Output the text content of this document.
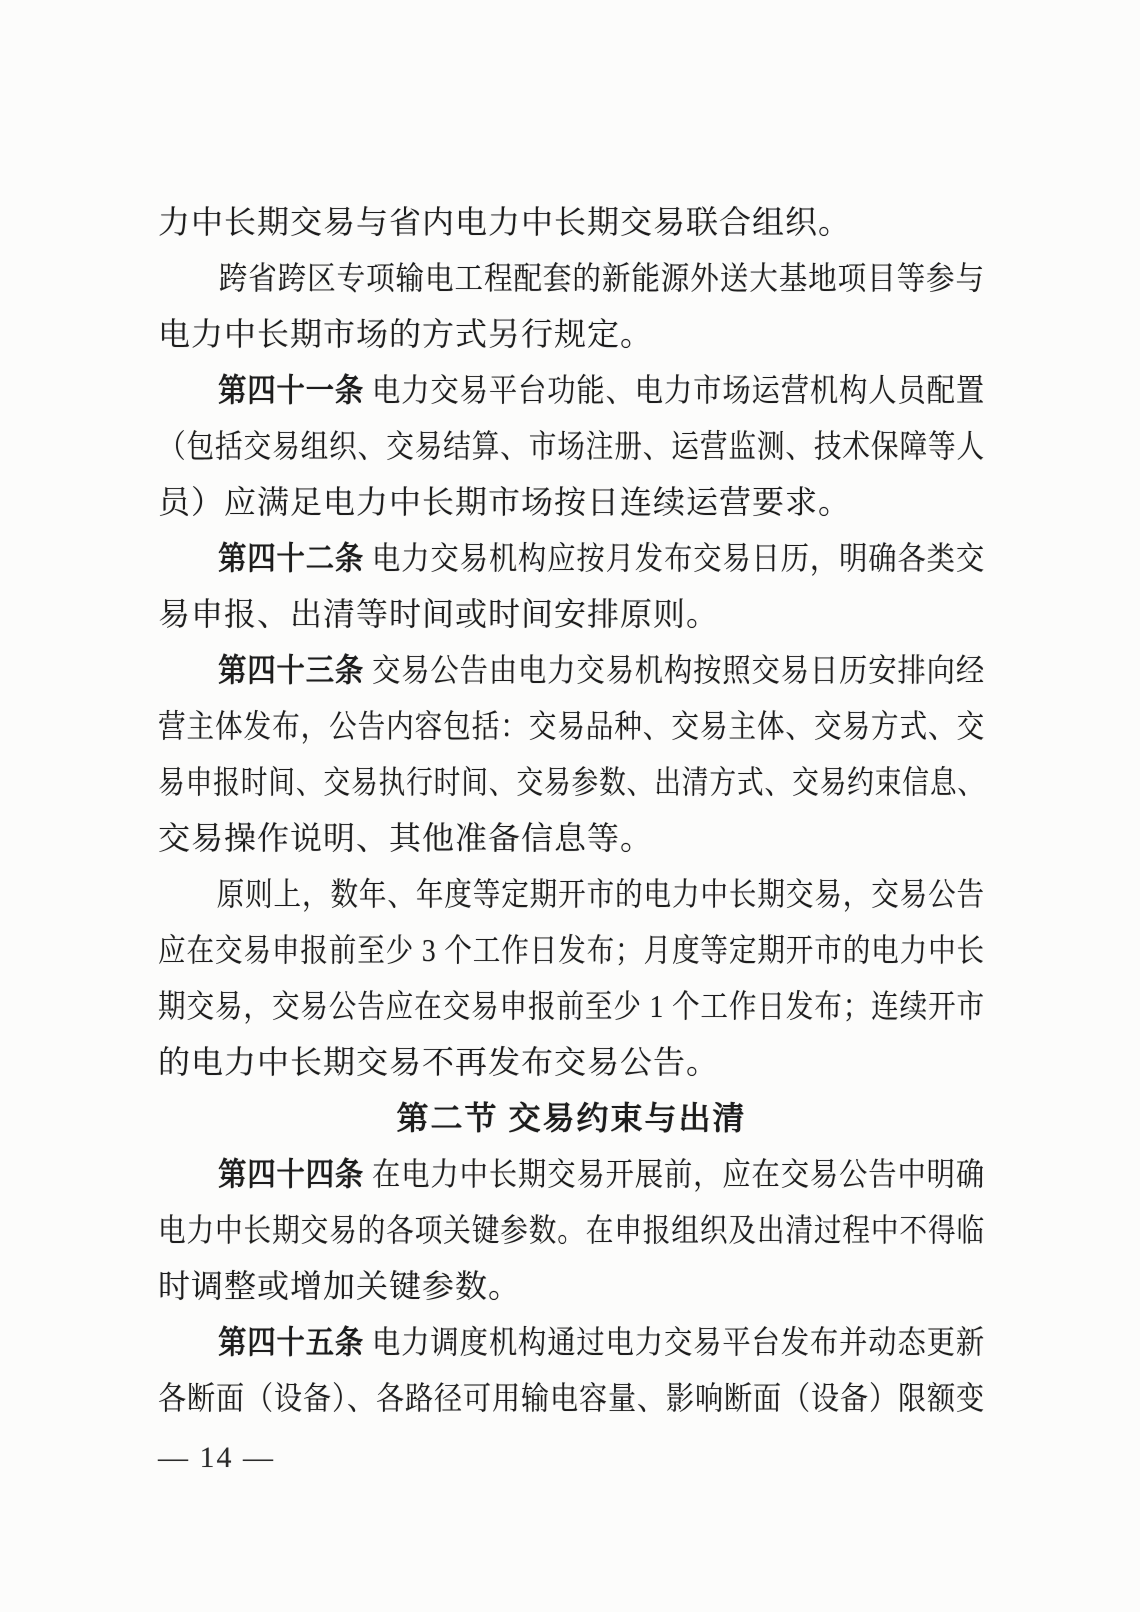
力中长期交易与省内电力中长期交易联合组织。
跨省跨区专项输电工程配套的新能源外送大基地项目等参与
电力中长期市场的方式另行规定。
第四十一条 电力交易平台功能、电力市场运营机构人员配置
（包括交易组织、交易结算、市场注册、运营监测、技术保障等人
员）应满足电力中长期市场按日连续运营要求。
第四十二条 电力交易机构应按月发布交易日历，明确各类交
易申报、出清等时间或时间安排原则。
第四十三条 交易公告由电力交易机构按照交易日历安排向经
营主体发布，公告内容包括：交易品种、交易主体、交易方式、交
易申报时间、交易执行时间、交易参数、出清方式、交易约束信息、
交易操作说明、其他准备信息等。
原则上，数年、年度等定期开市的电力中长期交易，交易公告
应在交易申报前至少 3 个工作日发布；月度等定期开市的电力中长
期交易，交易公告应在交易申报前至少 1 个工作日发布；连续开市
的电力中长期交易不再发布交易公告。
第二节 交易约束与出清
第四十四条 在电力中长期交易开展前，应在交易公告中明确
电力中长期交易的各项关键参数。在申报组织及出清过程中不得临
时调整或增加关键参数。
第四十五条 电力调度机构通过电力交易平台发布并动态更新
各断面（设备）、各路径可用输电容量、影响断面（设备）限额变
— 14 —
